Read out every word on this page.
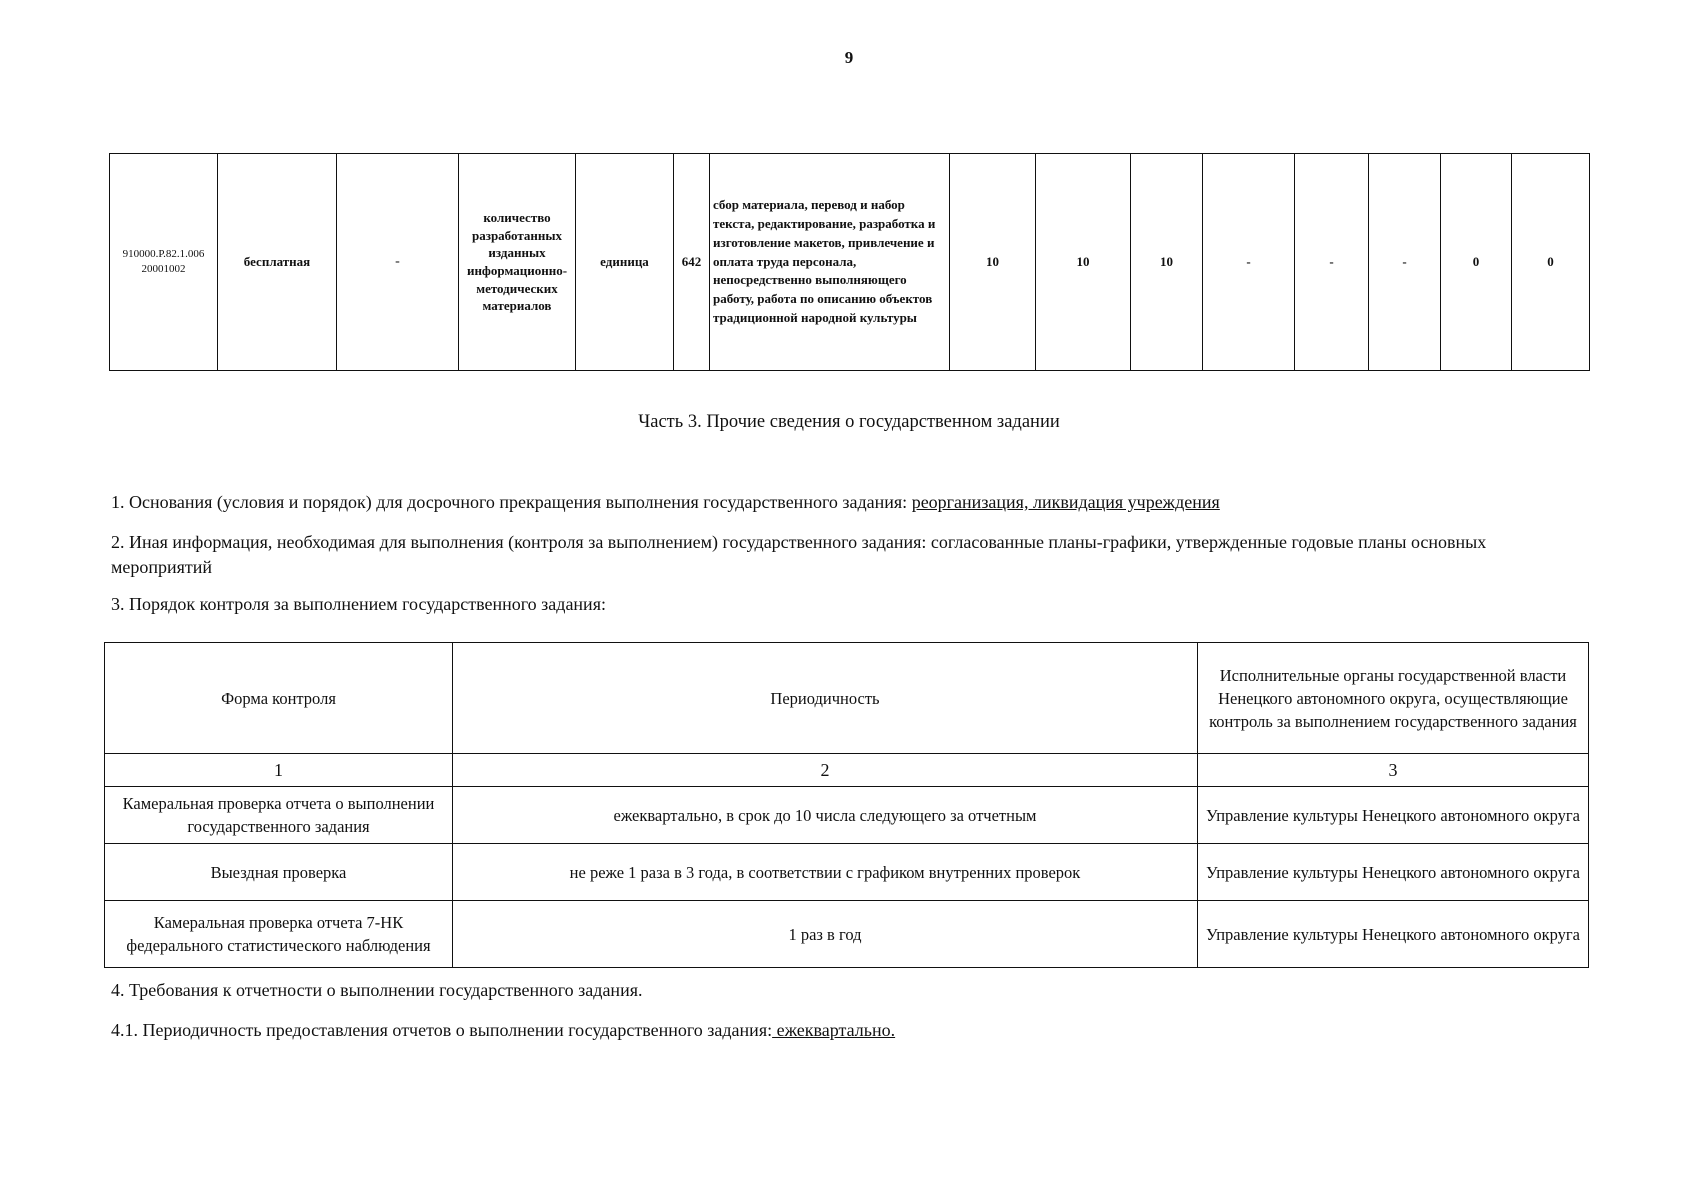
9
910000.Р.82.1.006 20001002	бесплатная	-	количество разработанных изданных информационно-методических материалов	единица	642	сбор материала, перевод и набор текста, редактирование, разработка и изготовление макетов, привлечение и оплата труда персонала, непосредственно выполняющего работу, работа по описанию объектов традиционной народной культуры	10	10	10	-	-	-	0	0
Часть 3. Прочие сведения о государственном задании
1. Основания (условия и порядок) для досрочного прекращения выполнения государственного задания: реорганизация, ликвидация учреждения
2. Иная информация, необходимая для выполнения (контроля за выполнением) государственного задания: согласованные планы-графики, утвержденные годовые планы основных мероприятий
3. Порядок контроля за выполнением государственного задания:
Форма контроля	Периодичность	Исполнительные органы государственной власти Ненецкого автономного округа, осуществляющие контроль за выполнением государственного задания
1	2	3
Камеральная проверка отчета о выполнении государственного задания	ежеквартально, в срок до 10 числа следующего за отчетным	Управление культуры Ненецкого автономного округа
Выездная проверка	не реже 1 раза в 3 года, в соответствии с графиком внутренних проверок	Управление культуры Ненецкого автономного округа
Камеральная проверка отчета 7-НК федерального статистического наблюдения	1 раз в год	Управление культуры Ненецкого автономного округа
4. Требования к отчетности о выполнении государственного задания.
4.1. Периодичность предоставления отчетов о выполнении государственного задания: ежеквартально.
